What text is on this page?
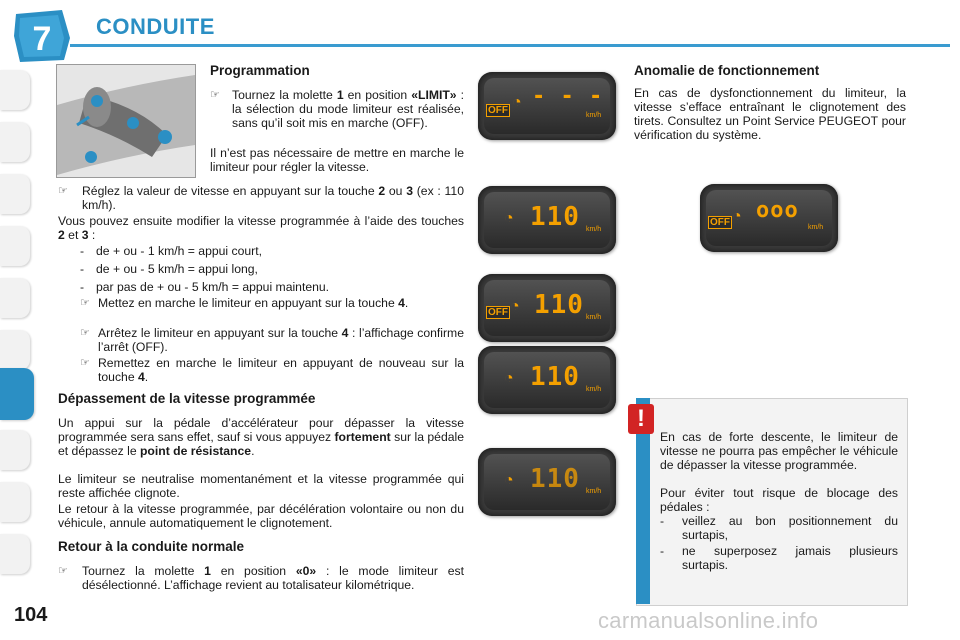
7 CONDUITE
Programmation
☞ Tournez la molette 1 en position «LIMIT» : la sélection du mode limiteur est réalisée, sans qu’il soit mis en marche (OFF).
Il n’est pas nécessaire de mettre en marche le limiteur pour régler la vitesse.
☞ Réglez la valeur de vitesse en appuyant sur la touche 2 ou 3 (ex : 110 km/h).
Vous pouvez ensuite modifier la vitesse programmée à l’aide des touches 2 et 3 :
- de + ou - 1 km/h = appui court,
- de + ou - 5 km/h = appui long,
- par pas de + ou - 5 km/h = appui maintenu.
☞ Mettez en marche le limiteur en appuyant sur la touche 4.
☞ Arrêtez le limiteur en appuyant sur la touche 4 : l’affichage confirme l’arrêt (OFF).
☞ Remettez en marche le limiteur en appuyant de nouveau sur la touche 4.
Dépassement de la vitesse programmée
Un appui sur la pédale d’accélérateur pour dépasser la vitesse programmée sera sans effet, sauf si vous appuyez fortement sur la pédale et dépassez le point de résistance.
Le limiteur se neutralise momentanément et la vitesse programmée qui reste affichée clignote.
Le retour à la vitesse programmée, par décélération volontaire ou non du véhicule, annule automatiquement le clignotement.
Retour à la conduite normale
☞ Tournez la molette 1 en position «0» : le mode limiteur est désélectionné. L’affichage revient au totalisateur kilométrique.
OFF ◔ - - -
km/h
◔ 110 km/h
OFF ◔ 110 km/h
◔ 110 km/h
◔ 110 km/h
OFF ◔ ooo
km/h
Anomalie de fonctionnement
En cas de dysfonctionnement du limiteur, la vitesse s’efface entraînant le clignotement des tirets. Consultez un Point Service PEUGEOT pour vérification du système.
!
En cas de forte descente, le limiteur de vitesse ne pourra pas empêcher le véhicule de dépasser la vitesse programmée.
Pour éviter tout risque de blocage des pédales :
- veillez au bon positionnement du surtapis,
- ne superposez jamais plusieurs surtapis.
104	carmanualsonline.info
